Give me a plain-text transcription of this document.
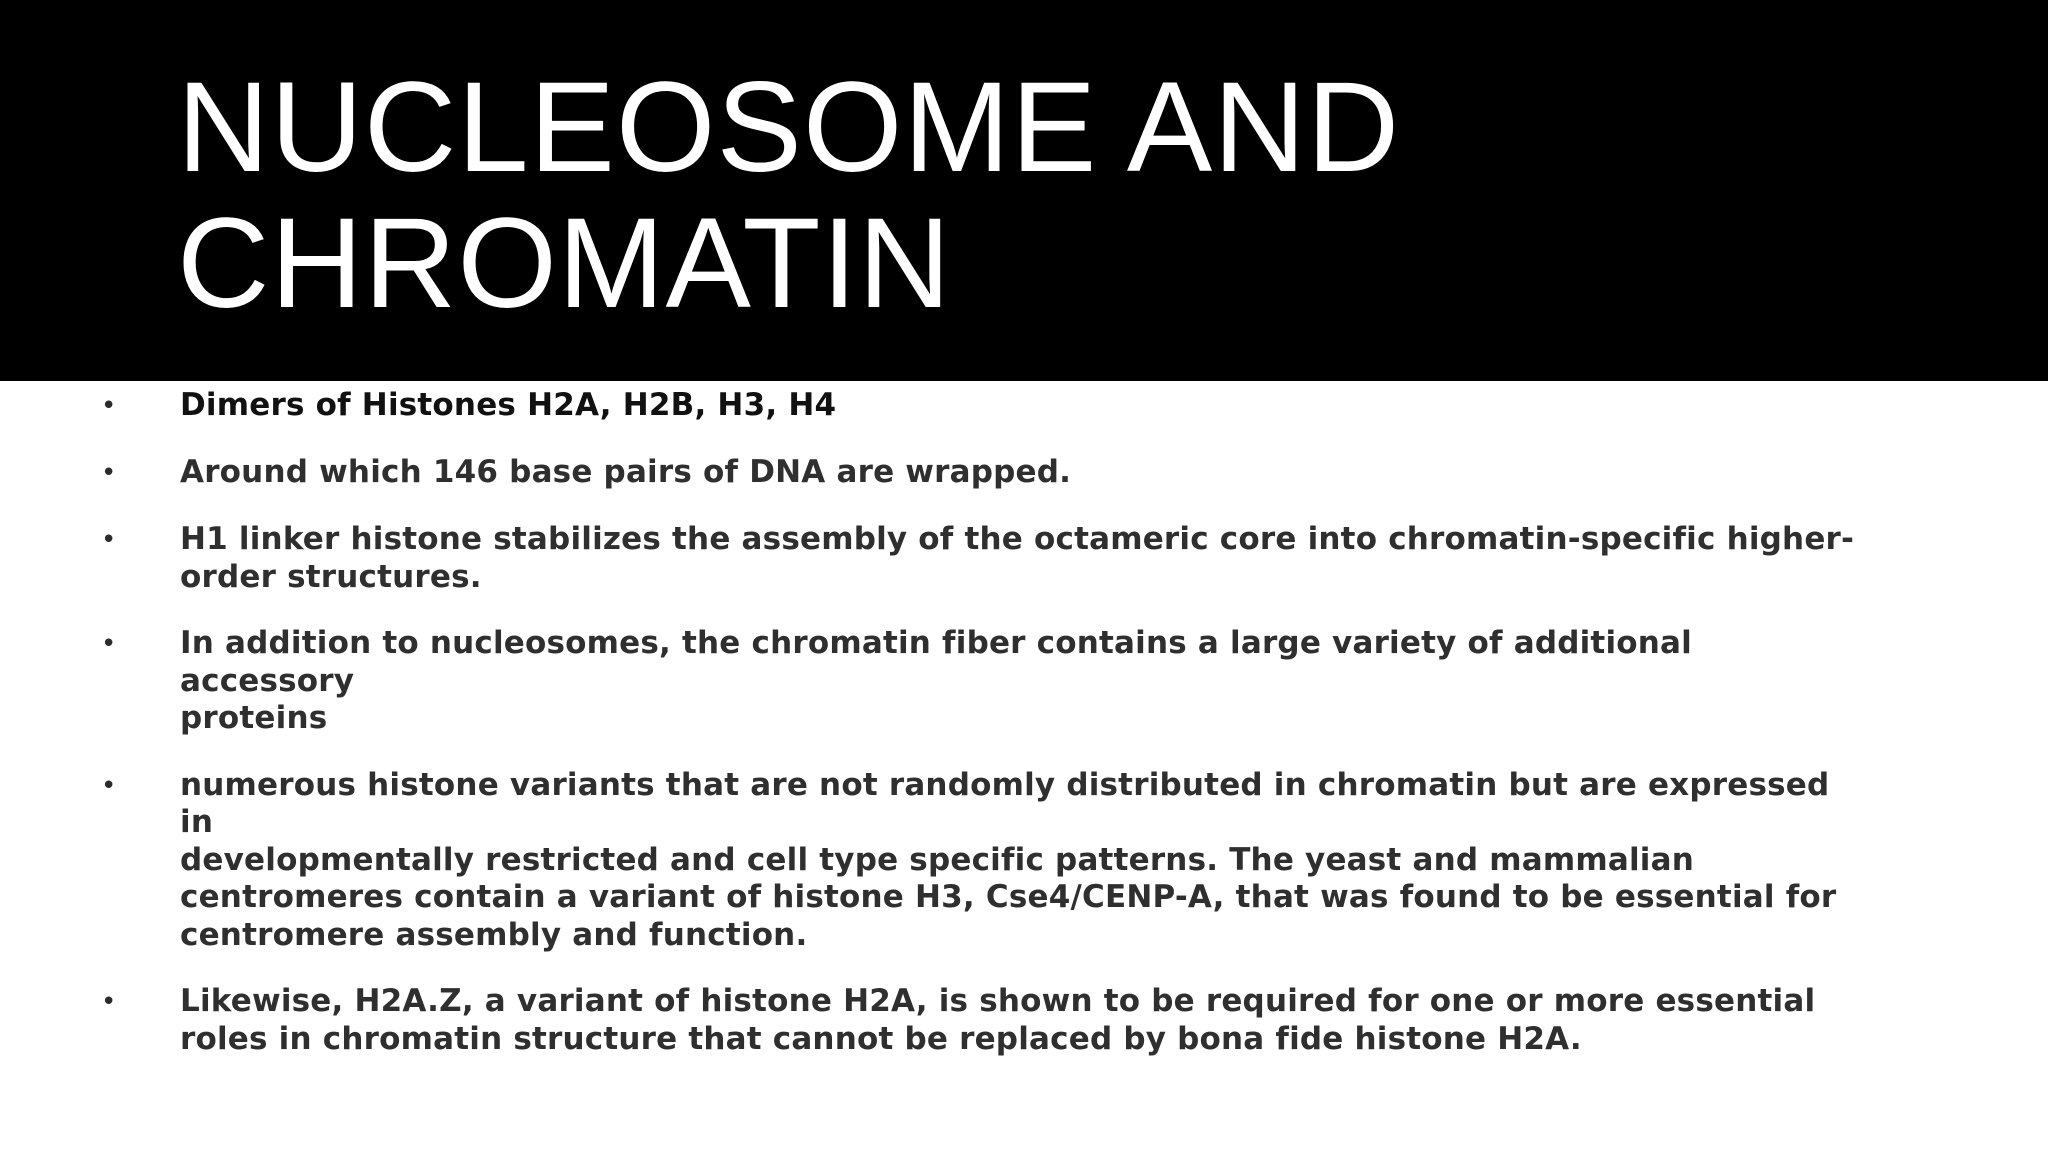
NUCLEOSOME AND
CHROMATIN
• Dimers of Histones H2A, H2B, H3, H4
• Around which 146 base pairs of DNA are wrapped.
• H1 linker histone stabilizes the assembly of the octameric core into chromatin-specific higher-
order structures.
• In addition to nucleosomes, the chromatin fiber contains a large variety of additional accessory
proteins
• numerous histone variants that are not randomly distributed in chromatin but are expressed in
developmentally restricted and cell type specific patterns. The yeast and mammalian
centromeres contain a variant of histone H3, Cse4/CENP-A, that was found to be essential for
centromere assembly and function.
• Likewise, H2A.Z, a variant of histone H2A, is shown to be required for one or more essential
roles in chromatin structure that cannot be replaced by bona fide histone H2A.
